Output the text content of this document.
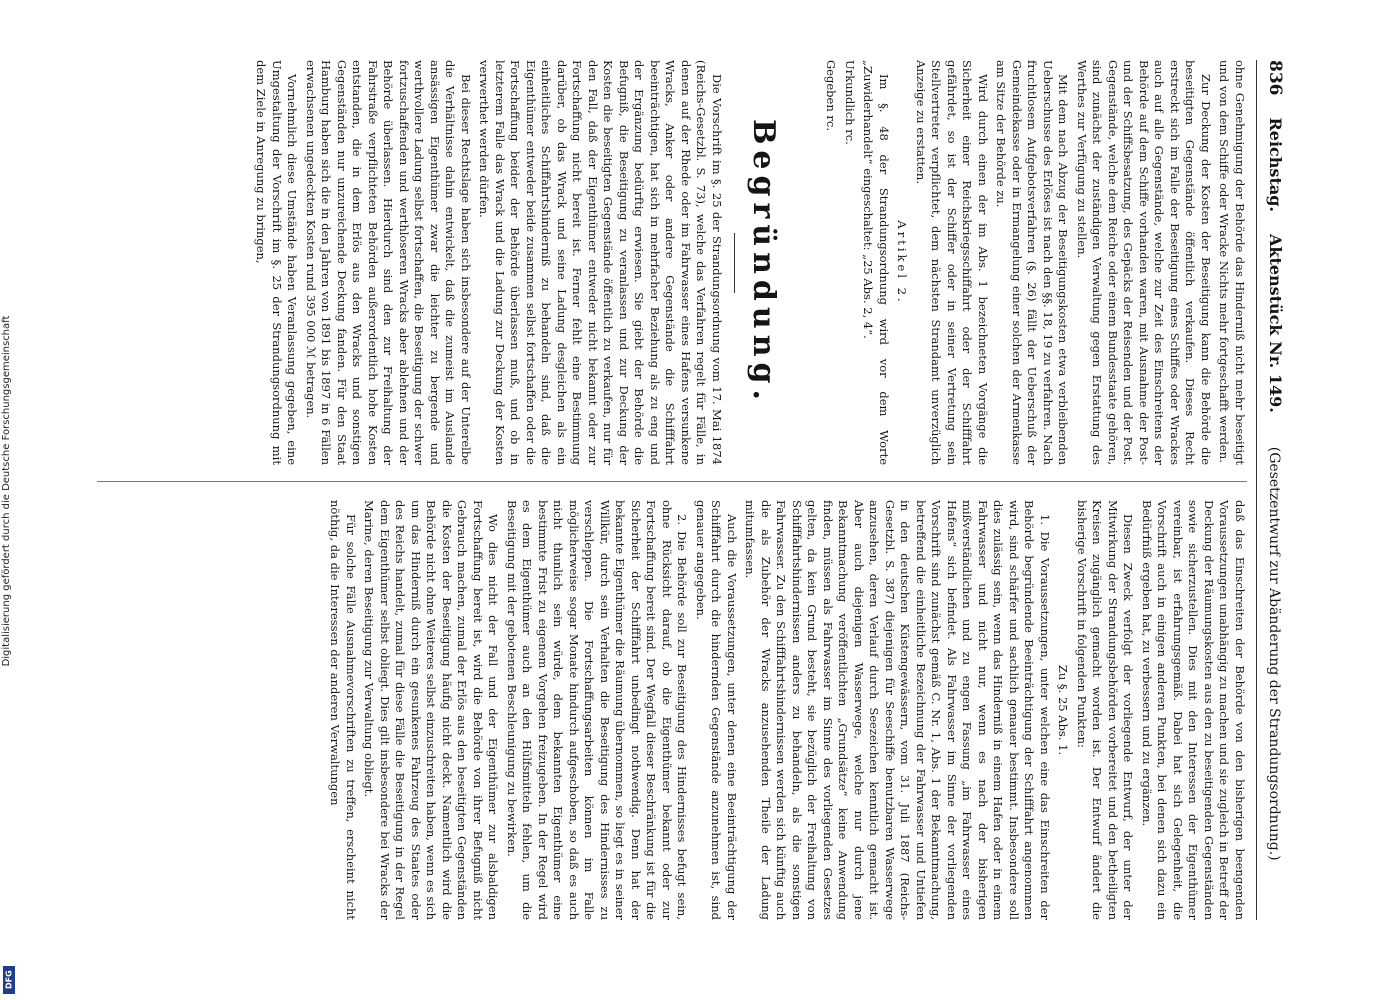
Digitalisierung gefördert durch die Deutsche Forschungsgemeinschaft
DFG
836
Reichstag.
Aktenstück Nr. 149.
(Gesetzentwurf zur Abänderung der Strandungsordnung.)

ohne Genehmigung der Behörde das Hinderniß nicht mehr beseitigt und von dem Schiffe oder Wracke Nichts mehr fortgeschafft werden.

Zur Deckung der Kosten der Beseitigung kann die Behörde die beseitigten Gegenstände öffentlich verkaufen. Dieses Recht erstreckt sich im Falle der Beseitigung eines Schiffes oder Wrackes auch auf alle Gegenstände, welche zur Zeit des Einschreitens der Behörde auf dem Schiffe vorhanden waren, mit Ausnahme der Post- und der Schiffsbesatzung, des Gepäcks der Reisenden und der Post. Gegenstände, welche dem Reiche oder einem Bundesstaate gehören, sind zunächst der zuständigen Verwaltung gegen Erstattung des Werthes zur Verfügung zu stellen.

Mit dem nach Abzug der Beseitigungskosten etwa verbleibenden Ueberschusse des Erlöses ist nach den §§. 18, 19 zu verfahren. Nach fruchtlosem Aufgebotsverfahren (§. 26) fällt der Ueberschuß der Gemeindekasse oder in Ermangelung einer solchen der Armenkasse am Sitze der Behörde zu.

Wird durch einen der im Abs. 1 bezeichneten Vorgänge die Sicherheit einer Reichskriegsschiffahrt oder der Schifffahrt gefährdet, so ist der Schiffer oder in seiner Vertretung sein Stellvertreter verpflichtet, dem nächsten Strandamt unverzüglich Anzeige zu erstatten.

Artikel 2.

Im §. 48 der Strandungsordnung wird vor dem Worte „Zuwiderhandelt“ eingeschaltet: „25 Abs. 2, 4“.

Urkundlich rc.

Gegeben rc.

Begründung.

Die Vorschrift im §. 25 der Strandungsordnung vom 17. Mai 1874 (Reichs-Gesetzbl. S. 73), welche das Verfahren regelt für Fälle, in denen auf der Rhede oder im Fahrwasser eines Hafens versunkene Wracks, Anker oder andere Gegenstände die Schifffahrt beeinträchtigen, hat sich in mehrfacher Beziehung als zu eng und der Ergänzung bedürftig erwiesen. Sie giebt der Behörde die Befugniß, die Beseitigung zu veranlassen und zur Deckung der Kosten die beseitigten Gegenstände öffentlich zu verkaufen, nur für den Fall, daß der Eigenthümer entweder nicht bekannt oder zur Fortschaffung nicht bereit ist. Ferner fehlt eine Bestimmung darüber, ob das Wrack und seine Ladung desgleichen als ein einheitliches Schiffahrtshinderniß zu behandeln sind, daß die Eigenthümer entweder beide zusammen selbst fortschaffen oder die Fortschaffung beider der Behörde überlassen muß, und ob in letzterem Falle das Wrack und die Ladung zur Deckung der Kosten verwerthet werden dürfen.

Bei dieser Rechtslage haben sich insbesondere auf der Unterelbe die Verhältnisse dahin entwickelt, daß die zumeist im Auslande ansässigen Eigenthümer zwar die leichter zu bergende und werthvollere Ladung selbst fortschaffen, die Beseitigung der schwer fortzuschaffenden und werthloseren Wracks aber ablehnen und der Behörde überlassen. Hierdurch sind den zur Freihaltung der Fahrstraße verpflichteten Behörden außerordentlich hohe Kosten entstanden, die in dem Erlös aus den Wracks und sonstigen Gegenständen nur unzureichende Deckung fanden. Für den Staat Hamburg haben sich die in den Jahren von 1891 bis 1897 in 6 Fällen erwachsenen ungedeckten Kosten rund 395 000 ℳ betragen.

Vornehmlich diese Umstände haben Veranlassung gegeben, eine Umgestaltung der Vorschrift im §. 25 der Strandungsordnung mit dem Ziele in Anregung zu bringen,

daß das Einschreiten der Behörde von den bisherigen beengenden Voraussetzungen unabhängig zu machen und sie zugleich in Betreff der Deckung der Räumungskosten aus den zu beseitigenden Gegenständen sowie sicherzustellen. Dies mit den Interessen der Eigenthümer vereinbar, ist erfahrungsgemäß. Dabei hat sich Gelegenheit, die Vorschrift auch in einigen anderen Punkten, bei denen sich dazu ein Bedürfniß ergeben hat, zu verbessern und zu ergänzen.

Diesen Zweck verfolgt der vorliegende Entwurf, der unter der Mitwirkung der Strandungsbehörden vorbereitet und den betheiligten Kreisen zugänglich gemacht worden ist. Der Entwurf ändert die bisherige Vorschrift in folgenden Punkten:

Zu §. 25 Abs. 1.

1. Die Voraussetzungen, unter welchen eine das Einschreiten der Behörde begründende Beeinträchtigung der Schifffahrt angenommen wird, sind schärfer und sachlich genauer bestimmt. Insbesondere soll dies zulässig sein, wenn das Hinderniß in einem Hafen oder in einem Fahrwasser und nicht nur, wenn es nach der bisherigen mißverständlichen und zu engen Fassung „im Fahrwasser eines Hafens“ sich befindet. Als Fahrwasser im Sinne der vorliegenden Vorschrift sind zunächst gemäß C. Nr. 1, Abs. 1 der Bekanntmachung, betreffend die einheitliche Bezeichnung der Fahrwasser und Untiefen in den deutschen Küstengewässern, vom 31. Juli 1887 (Reichs-Gesetzbl. S. 387) diejenigen für Seeschiffe benutzbaren Wasserwege anzusehen, deren Verlauf durch Seezeichen kenntlich gemacht ist. Aber auch diejenigen Wasserwege, welche nur durch jene Bekanntmachung veröffentlichten „Grundsätze“ keine Anwendung finden, müssen als Fahrwasser im Sinne des vorliegenden Gesetzes gelten, da kein Grund besteht, sie bezüglich der Freihaltung von Schifffahrtshindernissen anders zu behandeln, als die sonstigen Fahrwasser. Zu den Schifffahrtshindernissen werden sich künftig auch die als Zubehör der Wracks anzusehenden Theile der Ladung mitumfassen.

Auch die Voraussetzungen, unter denen eine Beeinträchtigung der Schifffahrt durch die hindernden Gegenstände anzunehmen ist, sind genauer angegeben.

2. Die Behörde soll zur Beseitigung des Hindernisses befugt sein, ohne Rücksicht darauf, ob die Eigenthümer bekannt oder zur Fortschaffung bereit sind. Der Wegfall dieser Beschränkung ist für die Sicherheit der Schifffahrt unbedingt nothwendig. Denn hat der bekannte Eigenthümer die Räumung übernommen, so liegt es in seiner Willkür, durch sein Verhalten die Beseitigung des Hindernisses zu verschleppen. Die Fortschaffungsarbeiten können im Falle möglicherweise sogar Monate hindurch aufgeschoben, so daß es auch nicht thunlich sein würde, dem bekannten Eigenthümer eine bestimmte Frist zu eigenem Vorgehen freizugeben. In der Regel wird es dem Eigenthümer auch an den Hülfsmitteln fehlen, um die Beseitigung mit der gebotenen Beschleunigung zu bewirken.

Wo dies nicht der Fall und der Eigenthümer zur alsbaldigen Fortschaffung bereit ist, wird die Behörde von ihrer Befugniß nicht Gebrauch machen, zumal der Erlös aus den beseitigten Gegenständen die Kosten der Beseitigung häufig nicht deckt. Namentlich wird die Behörde nicht ohne Weiteres selbst einzuschreiten haben, wenn es sich um das Hinderniß durch ein gesunkenes Fahrzeug des Staates oder des Reichs handelt, zumal für diese Fälle die Beseitigung in der Regel dem Eigenthümer selbst obliegt. Dies gilt insbesondere bei Wracks der Marine, deren Beseitigung zur Verwaltung obliegt.

Für solche Fälle Ausnahmevorschriften zu treffen, erscheint nicht nöthig, da die Interessen der anderen Verwaltungen
